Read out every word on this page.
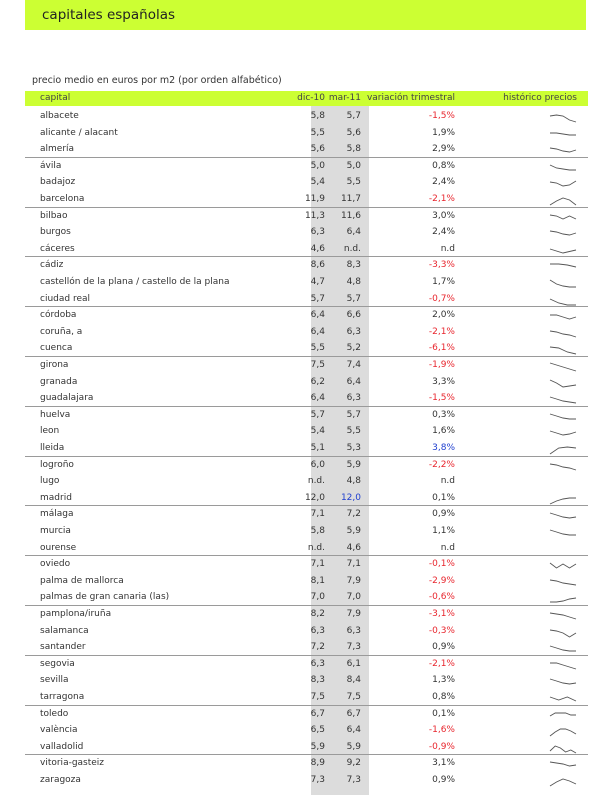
capitales españolas
precio medio en euros por m2 (por orden alfabético)
capital	dic-10 mar-11 variación trimestral	histórico precios
albacete	5,8 5,7	-1,5%
alicante / alacant	5,5 5,6	1,9%
almería	5,6 5,8	2,9%
ávila	5,0 5,0	0,8%
badajoz	5,4 5,5	2,4%
barcelona	11,9 11,7	-2,1%
bilbao	11,3 11,6	3,0%
burgos	6,3 6,4	2,4%
cáceres	4,6 n.d.	n.d
cádiz	8,6 8,3	-3,3%
castellón de la plana / castello de la plana	4,7 4,8	1,7%
ciudad real	5,7 5,7	-0,7%
córdoba	6,4 6,6	2,0%
coruña, a	6,4 6,3	-2,1%
cuenca	5,5 5,2	-6,1%
girona	7,5 7,4	-1,9%
granada	6,2 6,4	3,3%
guadalajara	6,4 6,3	-1,5%
huelva	5,7 5,7	0,3%
leon	5,4 5,5	1,6%
lleida	5,1 5,3	3,8%
logroño	6,0 5,9	-2,2%
lugo	n.d. 4,8	n.d
madrid	12,0 12,0	0,1%
málaga	7,1 7,2	0,9%
murcia	5,8 5,9	1,1%
ourense	n.d. 4,6	n.d
oviedo	7,1 7,1	-0,1%
palma de mallorca	8,1 7,9	-2,9%
palmas de gran canaria (las)	7,0 7,0	-0,6%
pamplona/iruña	8,2 7,9	-3,1%
salamanca	6,3 6,3	-0,3%
santander	7,2 7,3	0,9%
segovia	6,3 6,1	-2,1%
sevilla	8,3 8,4	1,3%
tarragona	7,5 7,5	0,8%
toledo	6,7 6,7	0,1%
valència	6,5 6,4	-1,6%
valladolid	5,9 5,9	-0,9%
vitoria-gasteiz	8,9 9,2	3,1%
zaragoza	7,3 7,3	0,9%
